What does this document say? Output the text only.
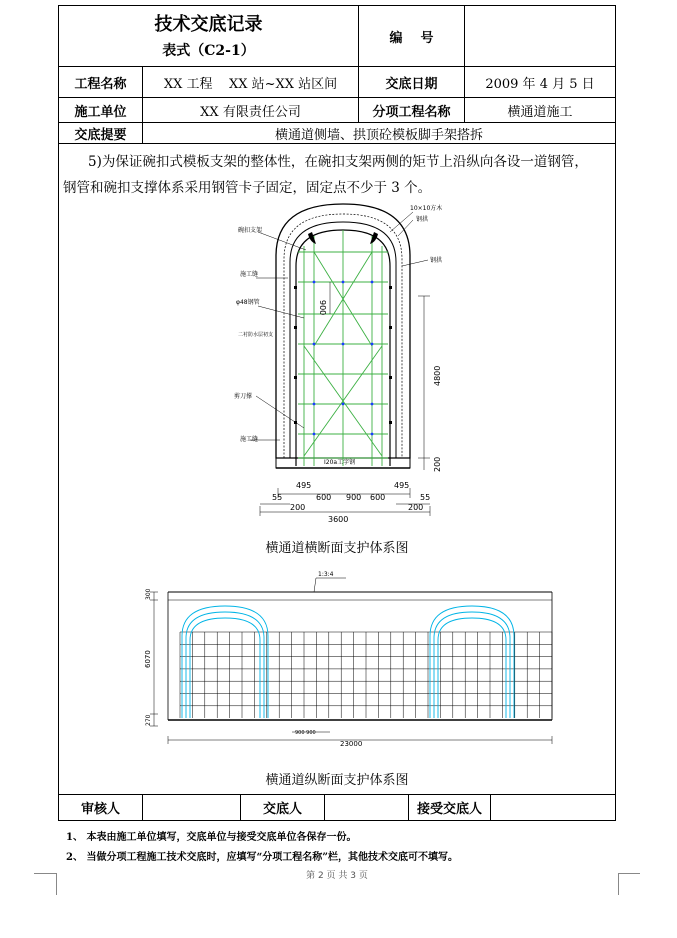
技术交底记录
表式（C2-1）
编    号
工程名称	XX 工程    XX 站~XX 站区间	交底日期	2009 年 4 月 5 日
施工单位	XX 有限责任公司	分项工程名称	横通道施工
交底提要	横通道侧墙、拱顶砼模板脚手架搭拆
5)为保证碗扣式模板支架的整体性，在碗扣支架两侧的矩节上沿纵向各设一道钢管，
钢管和碗扣支撑体系采用钢管卡子固定，固定点不少于 3 个。
10×10方木
钢拱
碗扣支架
施工缝
φ48钢管
二衬防水层初支
剪刀撑
施工缝
I20a工字钢
钢拱
900
4800
200
495	495
55	600 900 600	55
200	200
3600
横通道横断面支护体系图
1:3:4
300
6070
270
900 900
23000
横通道纵断面支护体系图
审核人	交底人	接受交底人
1、 本表由施工单位填写，交底单位与接受交底单位各保存一份。
2、 当做分项工程施工技术交底时，应填写“分项工程名称”栏，其他技术交底可不填写。
第 2 页 共 3 页
